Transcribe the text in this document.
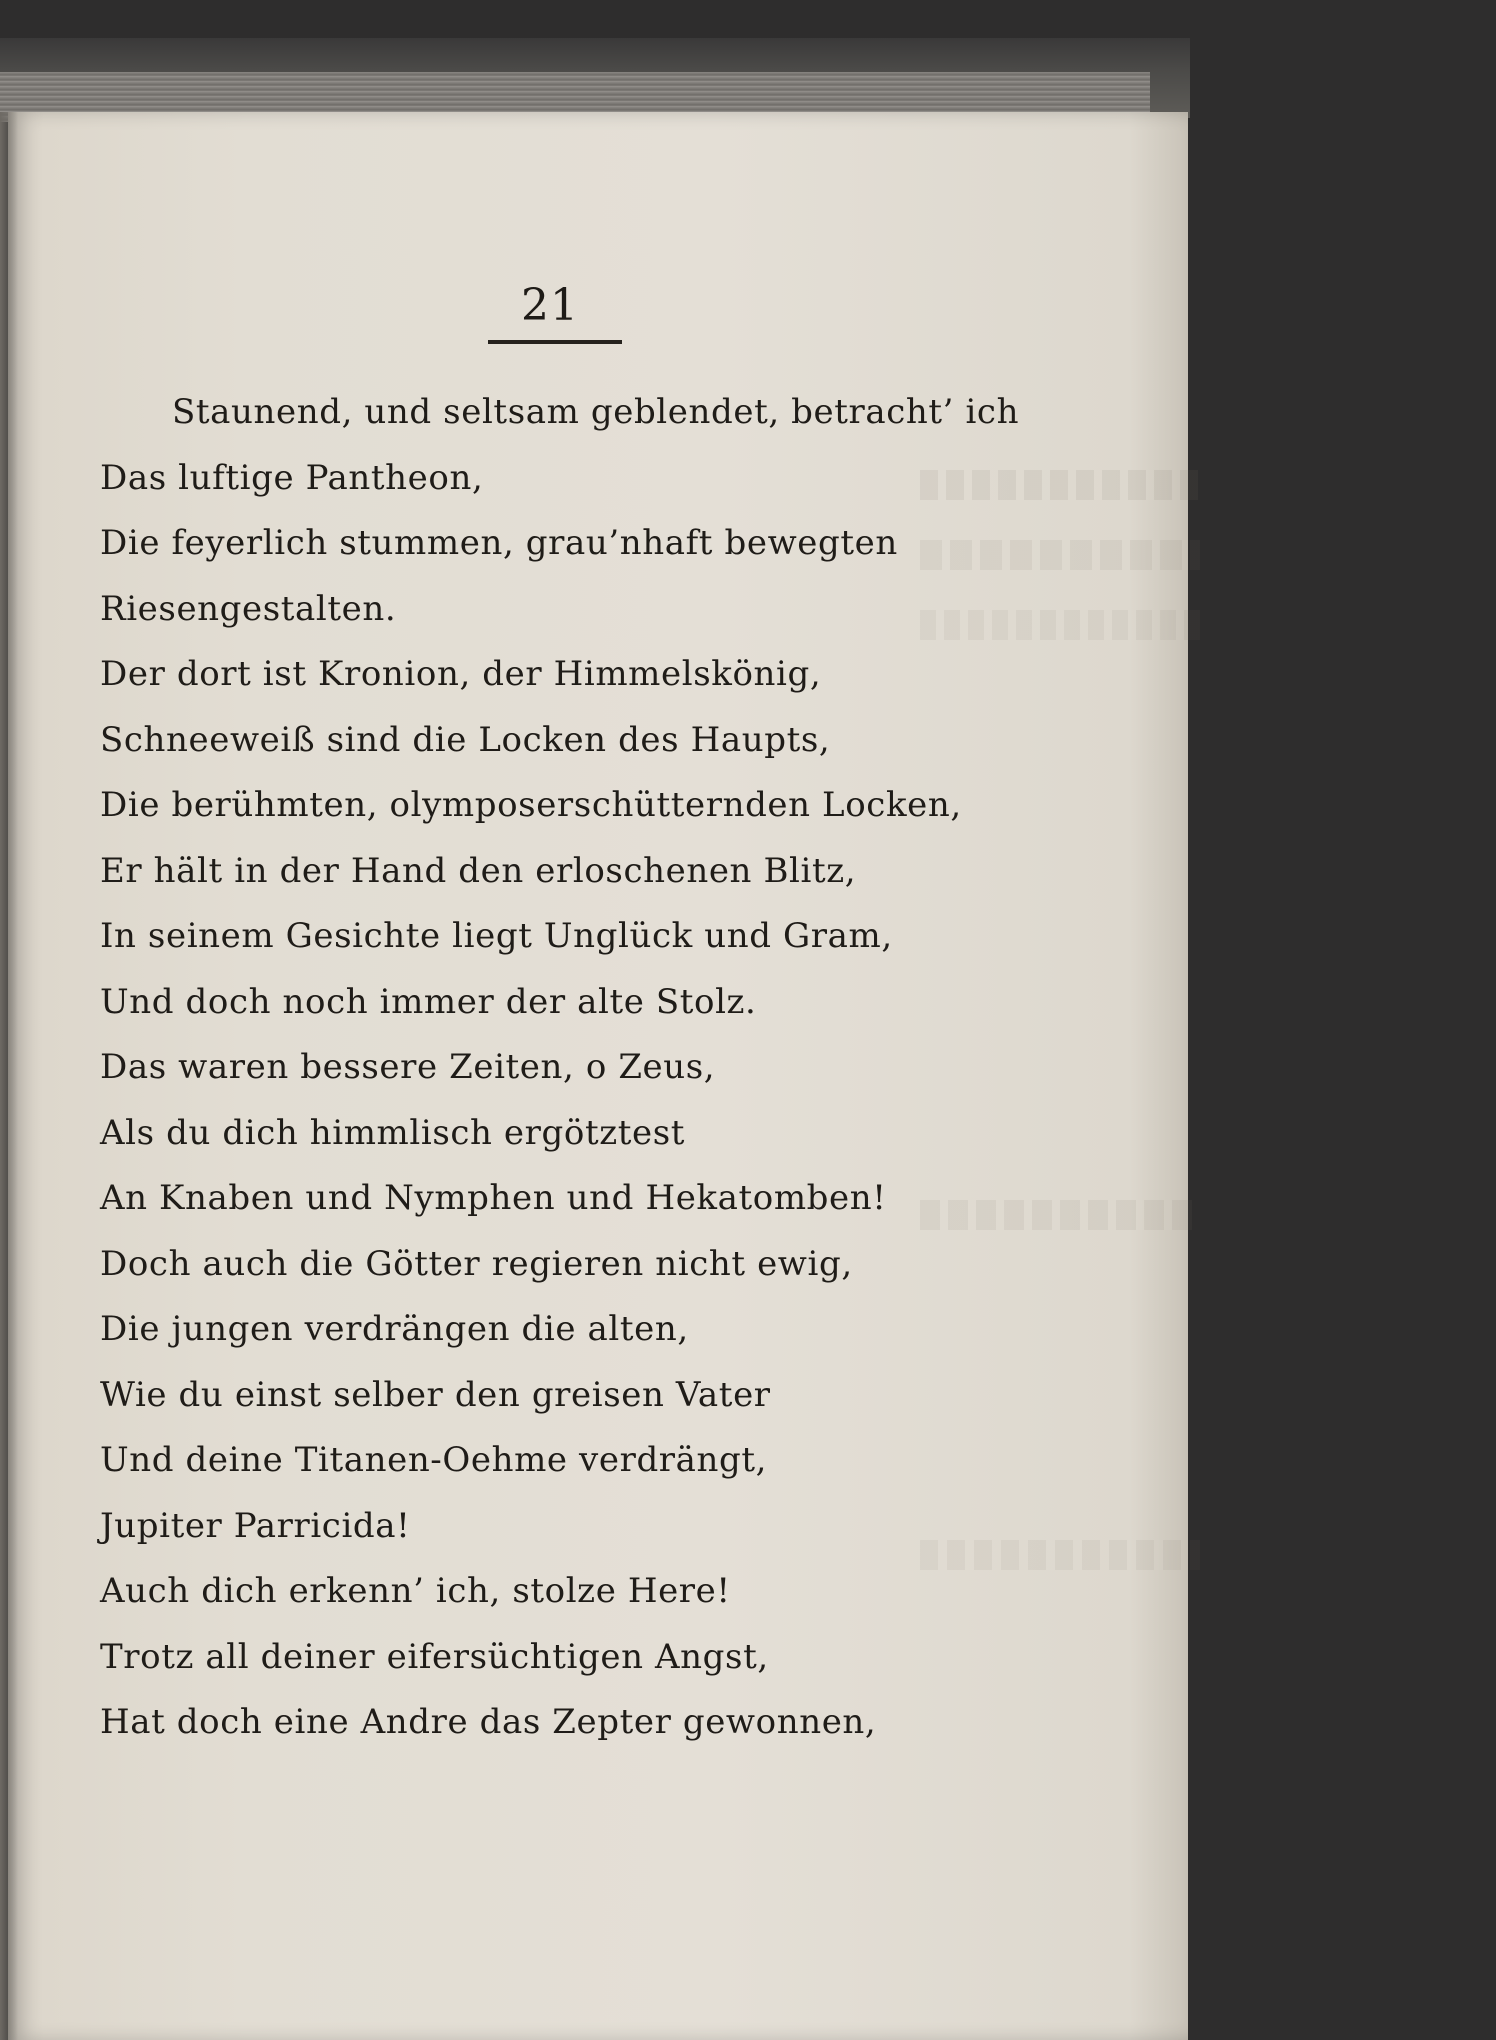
21
Staunend, und seltsam geblendet, betracht’ ich
Das luftige Pantheon,
Die feyerlich stummen, grau’nhaft bewegten
Riesengestalten.
Der dort ist Kronion, der Himmelskönig,
Schneeweiß sind die Locken des Haupts,
Die berühmten, olymposerschütternden Locken,
Er hält in der Hand den erloschenen Blitz,
In seinem Gesichte liegt Unglück und Gram,
Und doch noch immer der alte Stolz.
Das waren bessere Zeiten, o Zeus,
Als du dich himmlisch ergötztest
An Knaben und Nymphen und Hekatomben!
Doch auch die Götter regieren nicht ewig,
Die jungen verdrängen die alten,
Wie du einst selber den greisen Vater
Und deine Titanen-Oehme verdrängt,
Jupiter Parricida!
Auch dich erkenn’ ich, stolze Here!
Trotz all deiner eifersüchtigen Angst,
Hat doch eine Andre das Zepter gewonnen,
